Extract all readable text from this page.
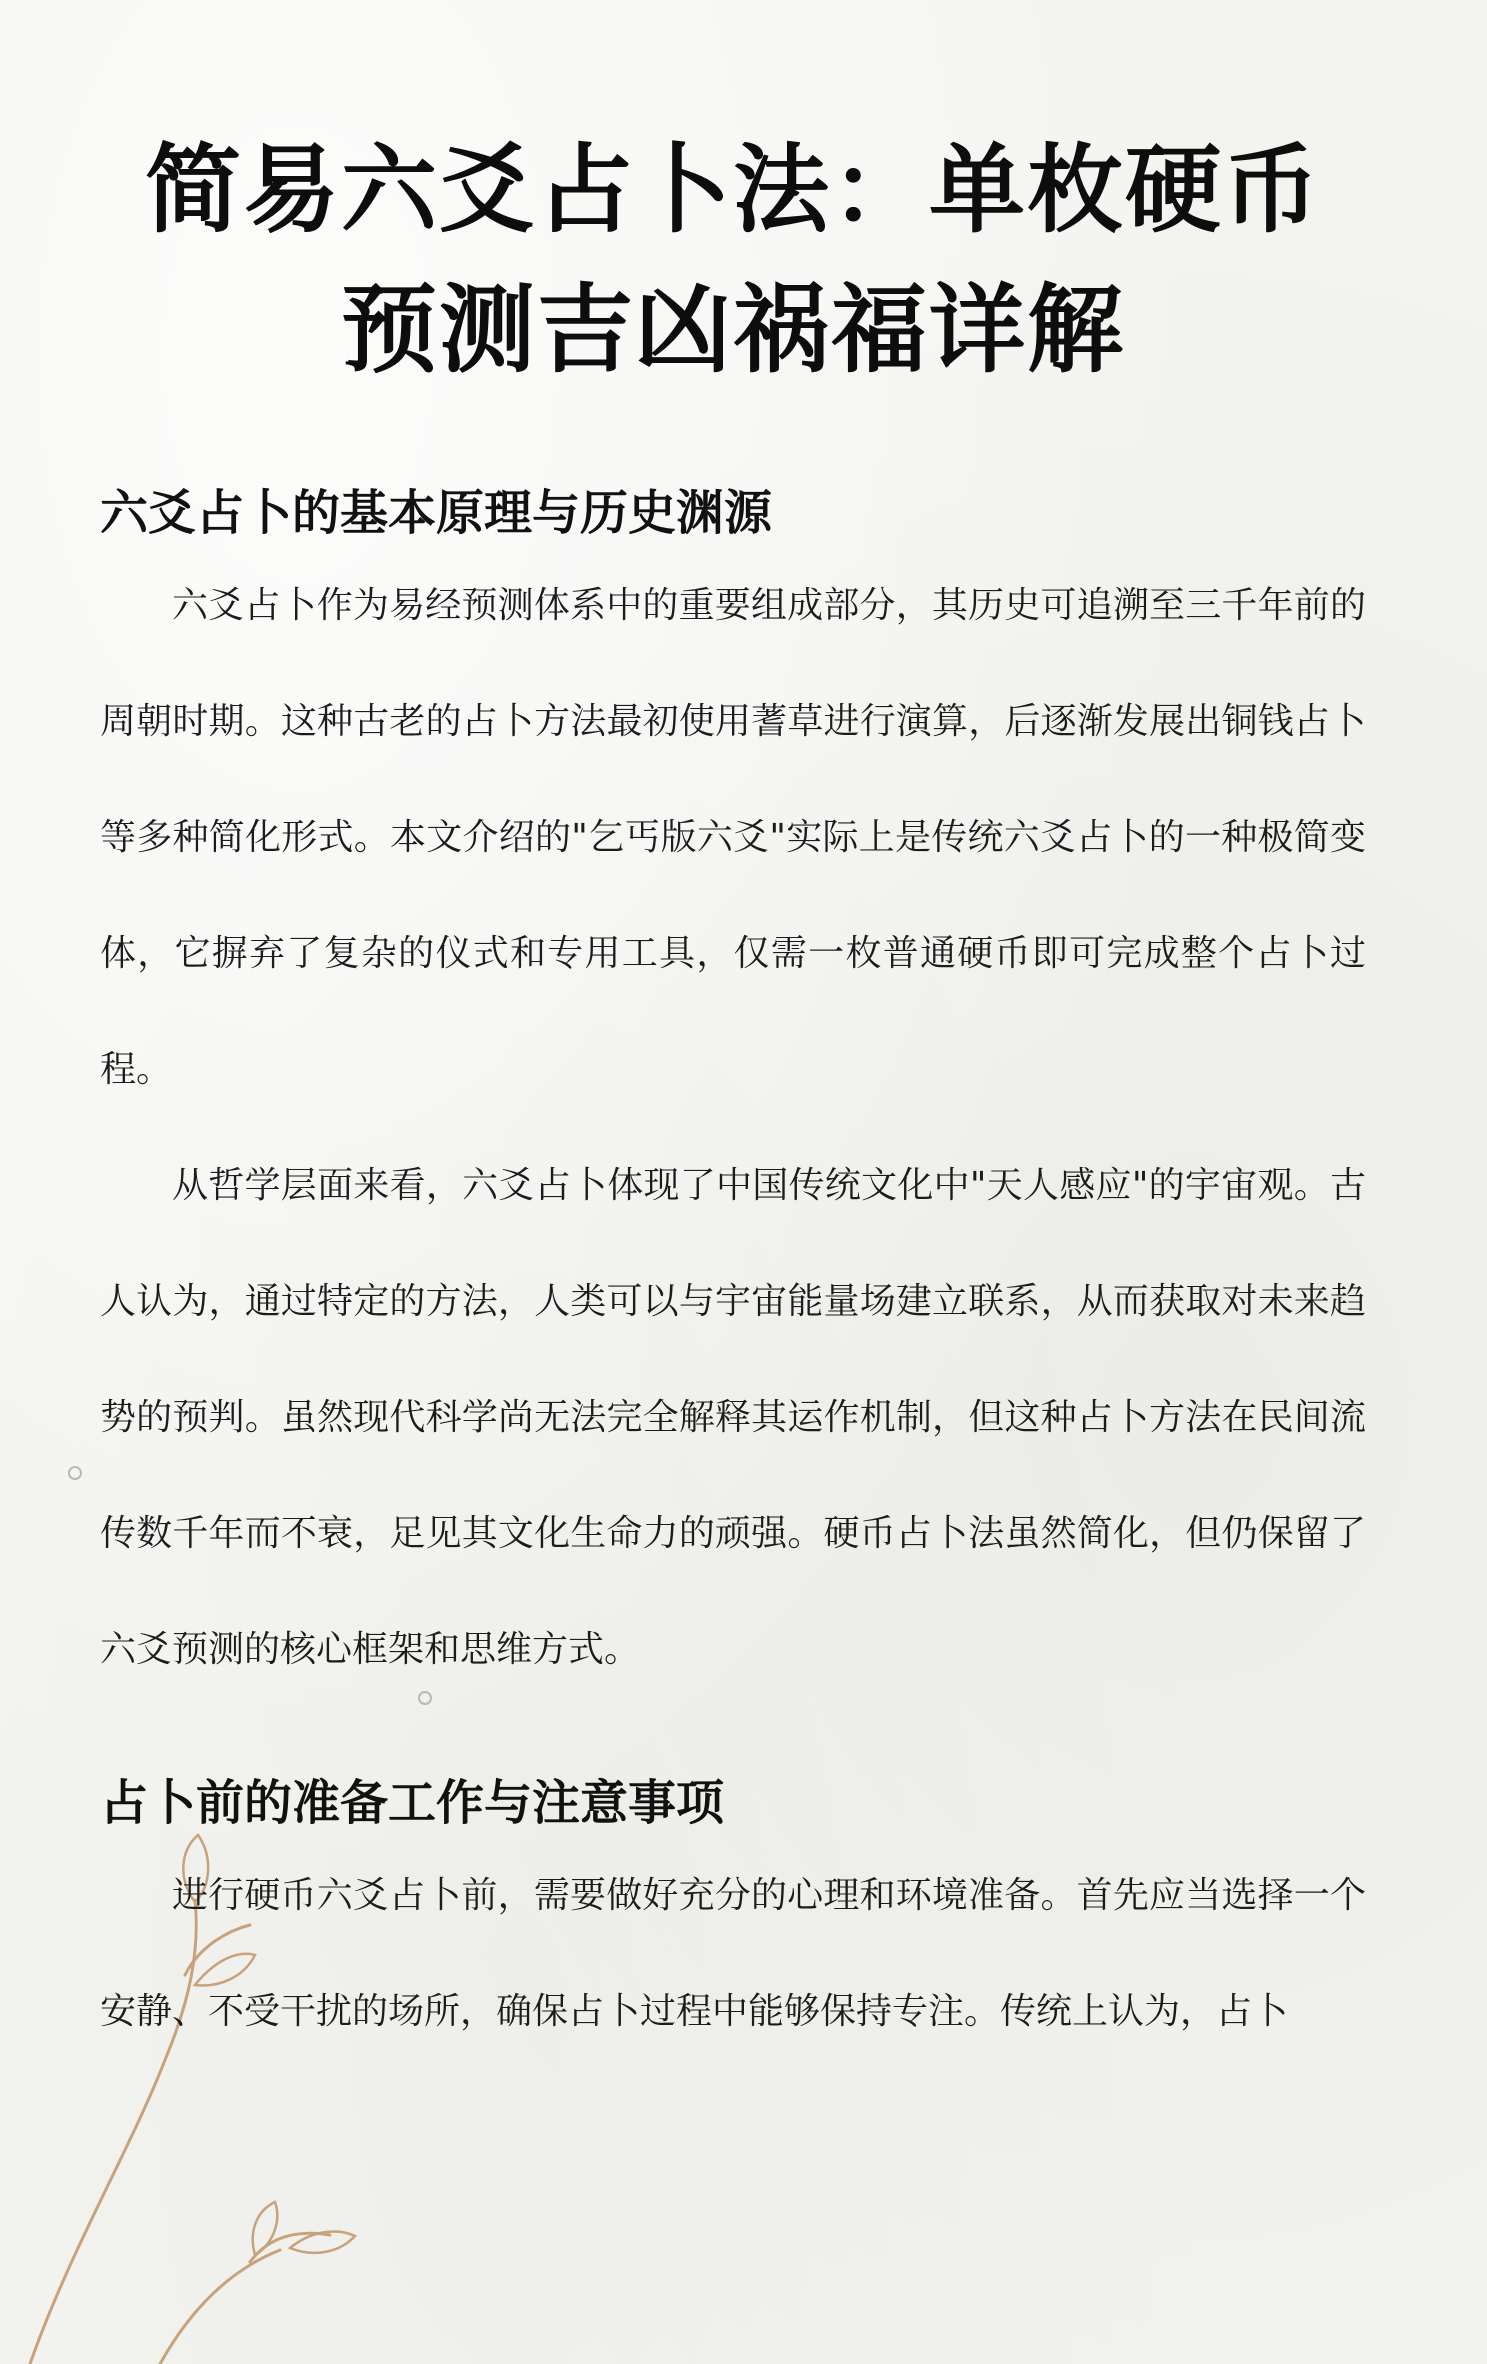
简易六爻占卜法：单枚硬币预测吉凶祸福详解
六爻占卜的基本原理与历史渊源

六爻占卜作为易经预测体系中的重要组成部分，其历史可追溯至三千年前的周朝时期。这种古老的占卜方法最初使用蓍草进行演算，后逐渐发展出铜钱占卜等多种简化形式。本文介绍的"乞丐版六爻"实际上是传统六爻占卜的一种极简变体，它摒弃了复杂的仪式和专用工具，仅需一枚普通硬币即可完成整个占卜过程。

从哲学层面来看，六爻占卜体现了中国传统文化中"天人感应"的宇宙观。古人认为，通过特定的方法，人类可以与宇宙能量场建立联系，从而获取对未来趋势的预判。虽然现代科学尚无法完全解释其运作机制，但这种占卜方法在民间流传数千年而不衰，足见其文化生命力的顽强。硬币占卜法虽然简化，但仍保留了六爻预测的核心框架和思维方式。

占卜前的准备工作与注意事项

进行硬币六爻占卜前，需要做好充分的心理和环境准备。首先应当选择一个安静、不受干扰的场所，确保占卜过程中能够保持专注。传统上认为，占卜
